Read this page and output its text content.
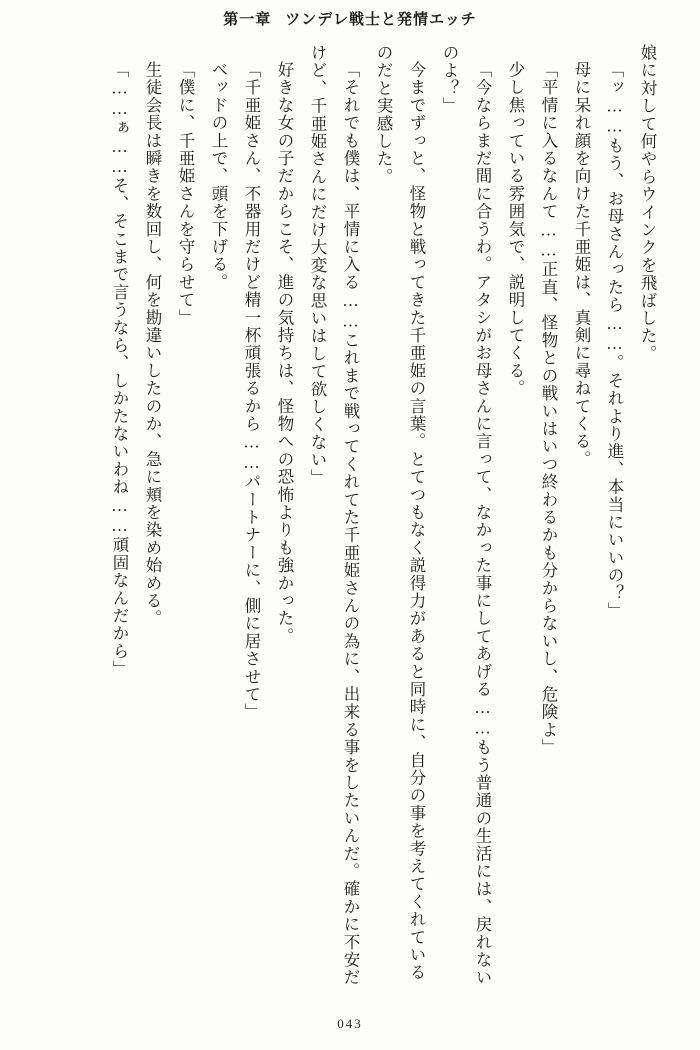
第一章 ツンデレ戦士と発情エッチ

娘に対して何やらウインクを飛ばした。

「ッ……もう、お母さんったら……。それより進、本当にいいの？」

母に呆れ顔を向けた千亜姫は、真剣に尋ねてくる。

「平情に入るなんて……正直、怪物との戦いはいつ終わるかも分からないし、危険よ」

少し焦っている雰囲気で、説明してくる。

「今ならまだ間に合うわ。アタシがお母さんに言って、なかった事にしてあげる……もう普通の生活には、戻れないのよ？」

今までずっと、怪物と戦ってきた千亜姫の言葉。とてつもなく説得力があると同時に、自分の事を考えてくれているのだと実感した。

「それでも僕は、平情に入る……これまで戦ってくれてた千亜姫さんの為に、出来る事をしたいんだ。確かに不安だけど、千亜姫さんにだけ大変な思いはして欲しくない」

好きな女の子だからこそ、進の気持ちは、怪物への恐怖よりも強かった。

「千亜姫さん、不器用だけど精一杯頑張るから……パートナーに、側に居させて」

ベッドの上で、頭を下げる。

「僕に、千亜姫さんを守らせて」

生徒会長は瞬きを数回し、何を勘違いしたのか、急に頬を染め始める。

「……ぁ……そ、そこまで言うなら、しかたないわね……頑固なんだから」

043
